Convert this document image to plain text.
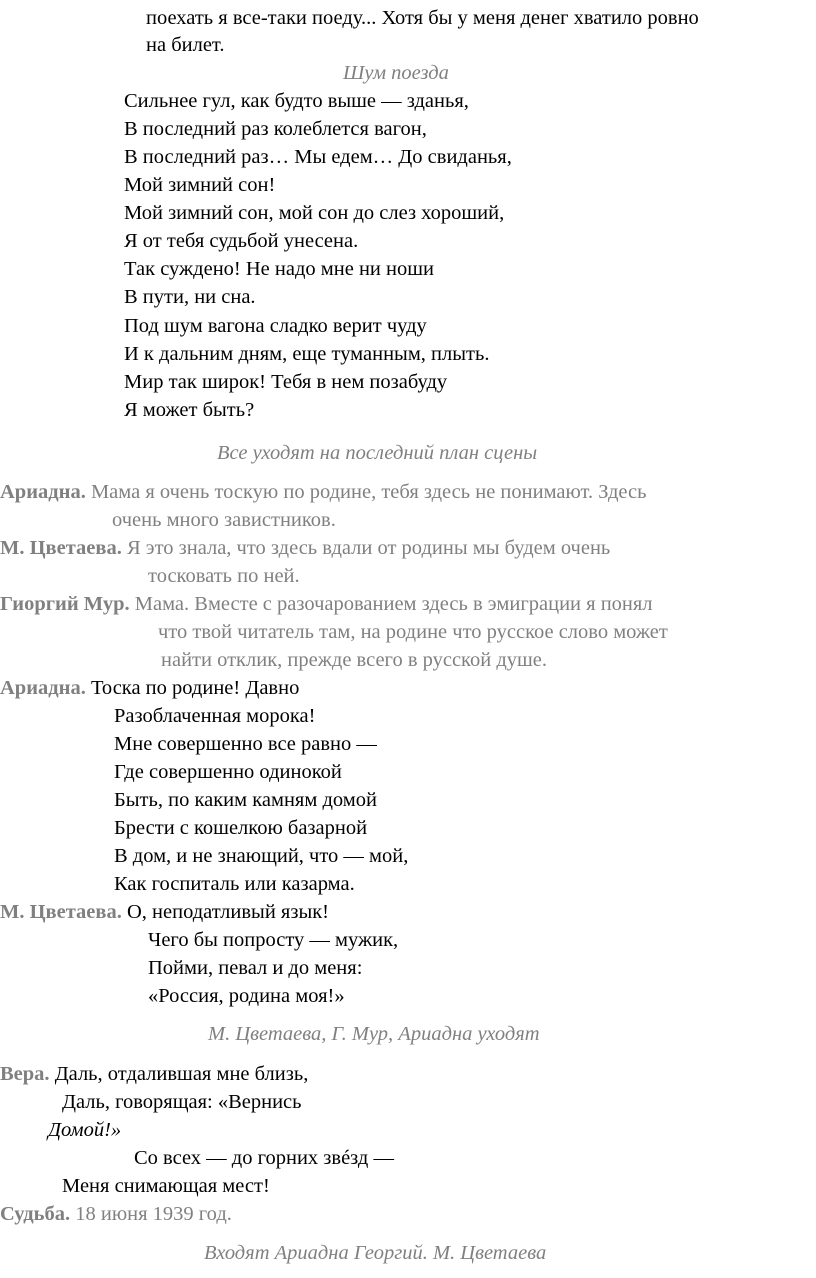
поехать я все-таки поеду... Хотя бы у меня денег хватило ровно
на билет.
Шум поезда
Сильнее гул, как будто выше — зданья,
В последний раз колеблется вагон,
В последний раз… Мы едем… До свиданья,
Мой зимний сон!
Мой зимний сон, мой сон до слез хороший,
Я от тебя судьбой унесена.
Так суждено! Не надо мне ни ноши
В пути, ни сна.
Под шум вагона сладко верит чуду
И к дальним дням, еще туманным, плыть.
Мир так широк! Тебя в нем позабуду
Я может быть?
Все уходят на последний план сцены
Ариадна. Мама я очень тоскую по родине, тебя здесь не понимают. Здесь
очень много завистников.
М. Цветаева. Я это знала, что здесь вдали от родины мы будем очень
тосковать по ней.
Гиоргий Мур. Мама. Вместе с разочарованием здесь в эмиграции я понял
что твой читатель там, на родине что русское слово может
найти отклик, прежде всего в русской душе.
Ариадна. Тоска по родине! Давно
Разоблаченная морока!
Мне совершенно все равно —
Где совершенно одинокой
Быть, по каким камням домой
Брести с кошелкою базарной
В дом, и не знающий, что — мой,
Как госпиталь или казарма.
М. Цветаева. О, неподатливый язык!
Чего бы попросту — мужик,
Пойми, певал и до меня:
«Россия, родина моя!»
М. Цветаева, Г. Мур, Ариадна уходят
Вера. Даль, отдалившая мне близь,
Даль, говорящая: «Вернись
Домой!»
Со всех — до горних звéзд —
Меня снимающая мест!
Судьба. 18 июня 1939 год.
Входят Ариадна Георгий. М. Цветаева
